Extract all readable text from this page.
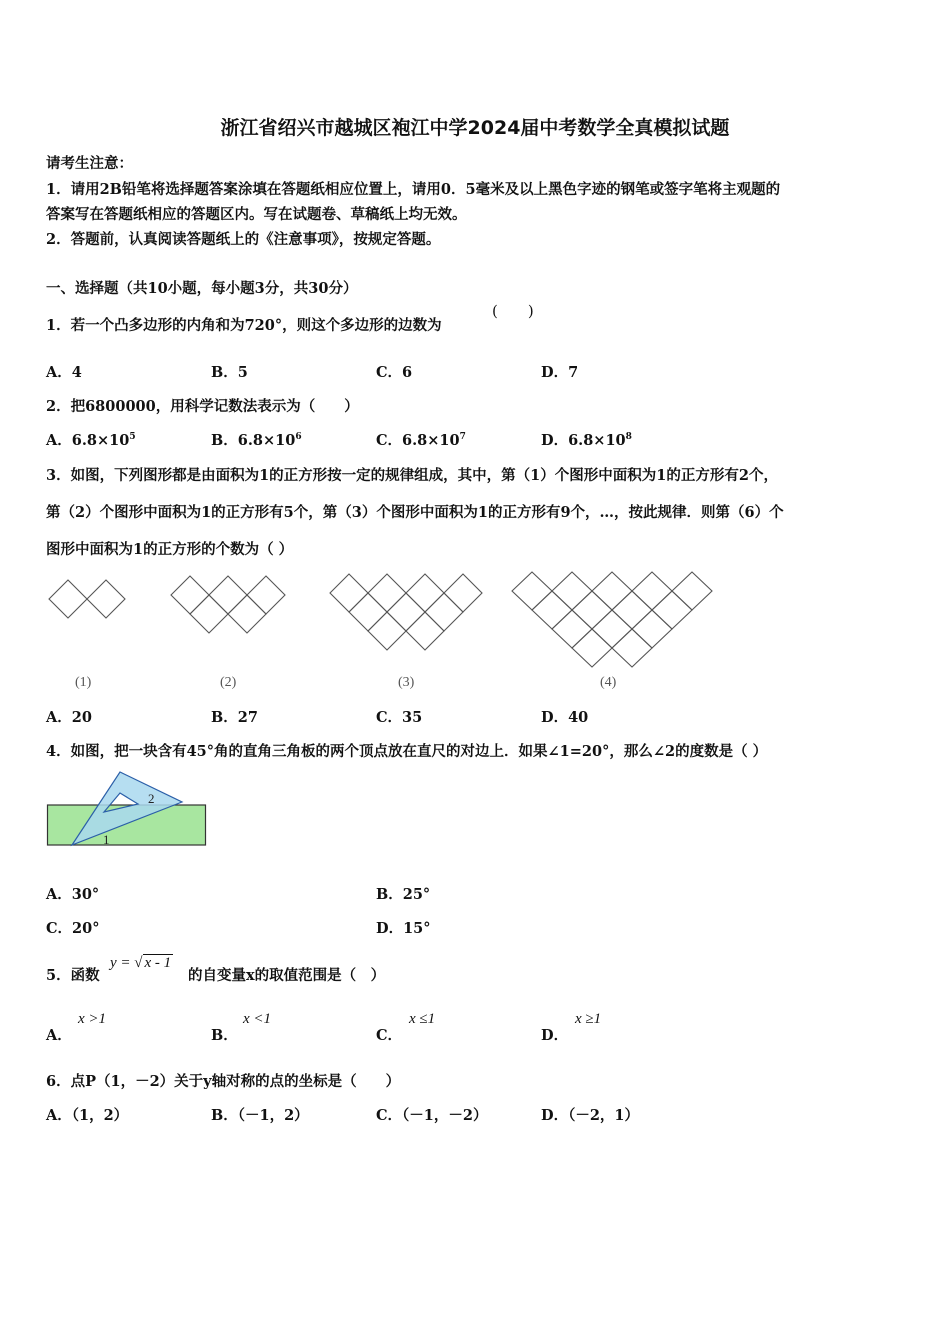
浙江省绍兴市越城区袍江中学2024届中考数学全真模拟试题
请考生注意：
1．请用2B铅笔将选择题答案涂填在答题纸相应位置上，请用0．5毫米及以上黑色字迹的钢笔或签字笔将主观题的
答案写在答题纸相应的答题区内。写在试题卷、草稿纸上均无效。
2．答题前，认真阅读答题纸上的《注意事项》，按规定答题。
一、选择题（共10小题，每小题3分，共30分）
1．若一个凸多边形的内角和为720°，则这个多边形的边数为
(　　)
A．4	B．5	C．6	D．7
2．把6800000，用科学记数法表示为（　　）
A．$6.8\times 10^5$	B．$6.8\times 10^6$	C．$6.8\times 10^7$	D．$6.8\times 10^8$
3．如图，下列图形都是由面积为1的正方形按一定的规律组成，其中，第（1）个图形中面积为1的正方形有2个，
第（2）个图形中面积为1的正方形有5个，第（3）个图形中面积为1的正方形有9个，…，按此规律．则第（6）个
图形中面积为1的正方形的个数为（ ）
(1)	(2)	(3)	(4)
A．20	B．27	C．35	D．40
4．如图，把一块含有45°角的直角三角板的两个顶点放在直尺的对边上．如果∠1=20°，那么∠2的度数是（ ）
2
1
A．30°	B．25°
C．20°	D．15°
5．函数
y = √ x - 1
的自变量x的取值范围是（　）
A．
x >1
B．
x <1
C．
x ≤1
D．
x ≥1
6．点P（1，－2）关于y轴对称的点的坐标是（　　）
A．（1，2）	B．（－1，2）	C．（－1，－2）	D．（－2，1）
